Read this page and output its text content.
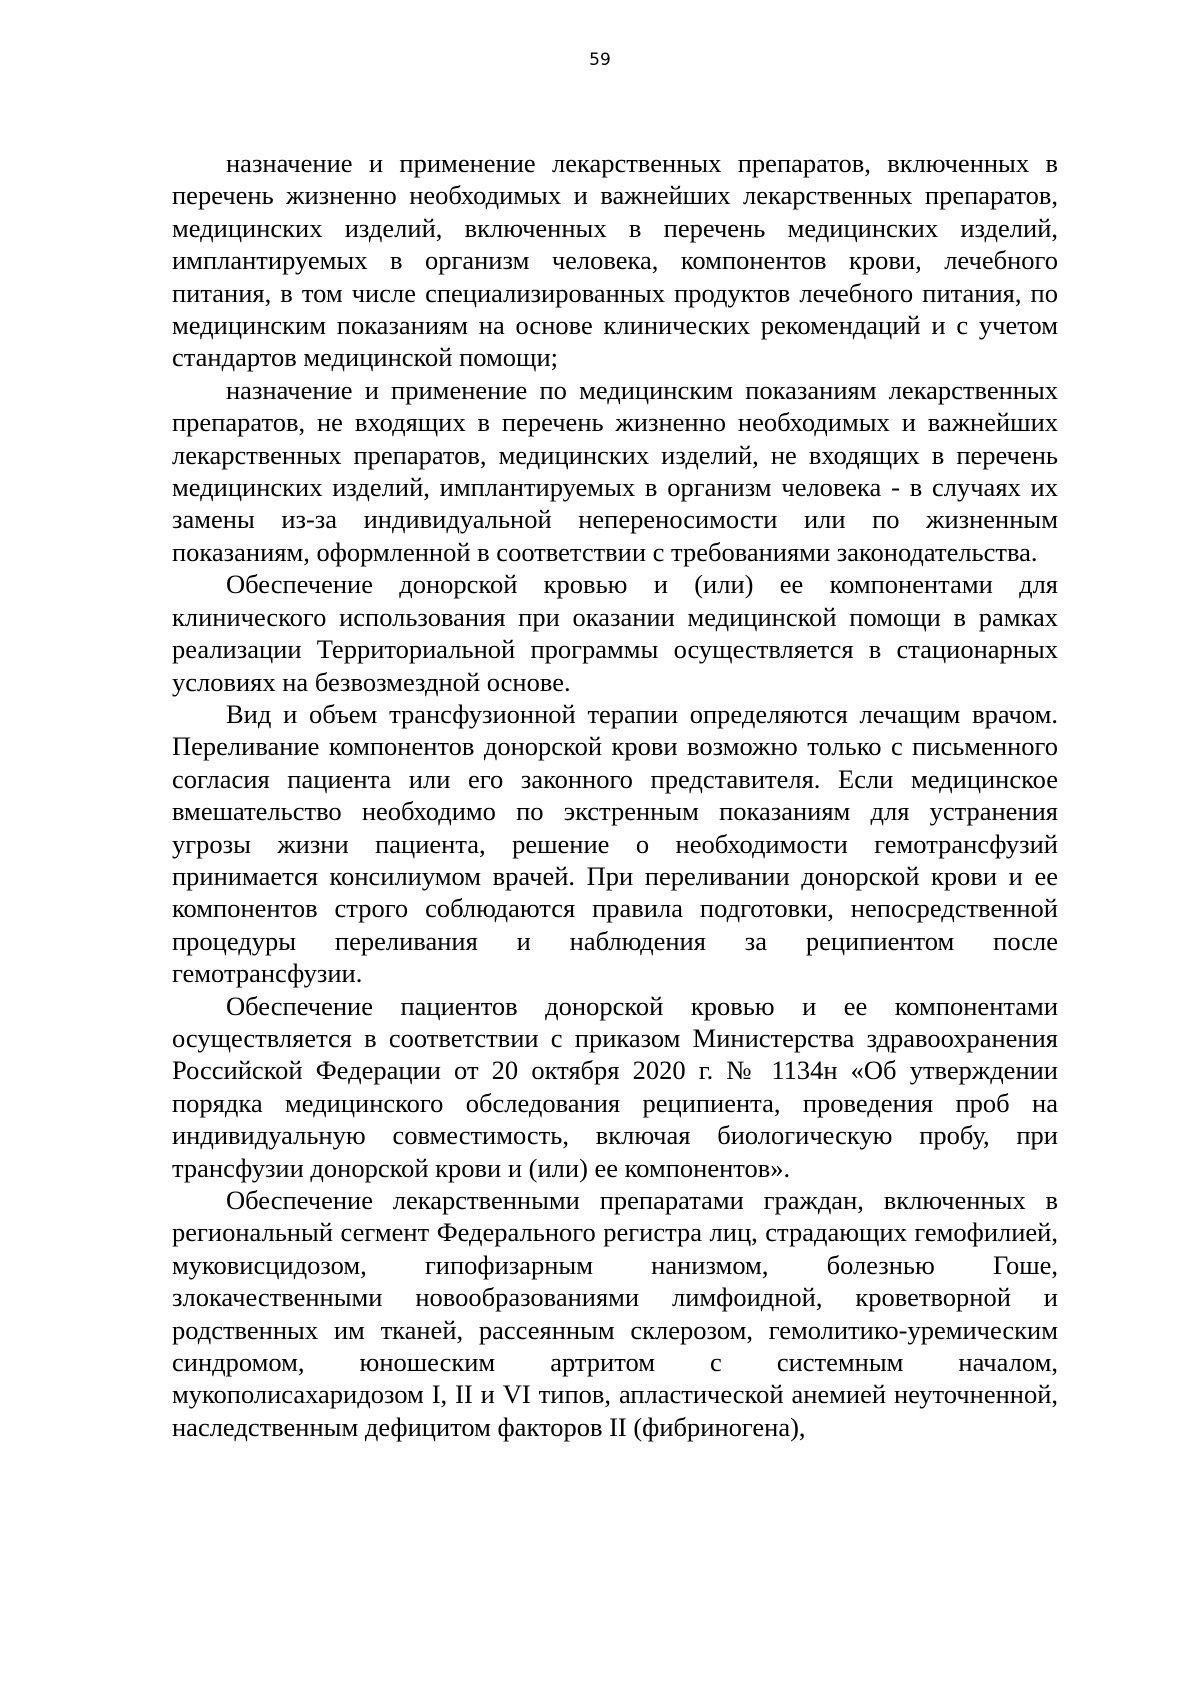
59

назначение и применение лекарственных препаратов, включенных в перечень жизненно необходимых и важнейших лекарственных препаратов, медицинских изделий, включенных в перечень медицинских изделий, имплантируемых в организм человека, компонентов крови, лечебного питания, в том числе специализированных продуктов лечебного питания, по медицинским показаниям на основе клинических рекомендаций и с учетом стандартов медицинской помощи;

назначение и применение по медицинским показаниям лекарственных препаратов, не входящих в перечень жизненно необходимых и важнейших лекарственных препаратов, медицинских изделий, не входящих в перечень медицинских изделий, имплантируемых в организм человека - в случаях их замены из-за индивидуальной непереносимости или по жизненным показаниям, оформленной в соответствии с требованиями законодательства.

Обеспечение донорской кровью и (или) ее компонентами для клинического использования при оказании медицинской помощи в рамках реализации Территориальной программы осуществляется в стационарных условиях на безвозмездной основе.

Вид и объем трансфузионной терапии определяются лечащим врачом. Переливание компонентов донорской крови возможно только с письменного согласия пациента или его законного представителя. Если медицинское вмешательство необходимо по экстренным показаниям для устранения угрозы жизни пациента, решение о необходимости гемотрансфузий принимается консилиумом врачей. При переливании донорской крови и ее компонентов строго соблюдаются правила подготовки, непосредственной процедуры переливания и наблюдения за реципиентом после гемотрансфузии.

Обеспечение пациентов донорской кровью и ее компонентами осуществляется в соответствии с приказом Министерства здравоохранения Российской Федерации от 20 октября 2020 г. № 1134н «Об утверждении порядка медицинского обследования реципиента, проведения проб на индивидуальную совместимость, включая биологическую пробу, при трансфузии донорской крови и (или) ее компонентов».

Обеспечение лекарственными препаратами граждан, включенных в региональный сегмент Федерального регистра лиц, страдающих гемофилией, муковисцидозом, гипофизарным нанизмом, болезнью Гоше, злокачественными новообразованиями лимфоидной, кроветворной и родственных им тканей, рассеянным склерозом, гемолитико-уремическим синдромом, юношеским артритом с системным началом, мукополисахаридозом I, II и VI типов, апластической анемией неуточненной, наследственным дефицитом факторов II (фибриногена),
